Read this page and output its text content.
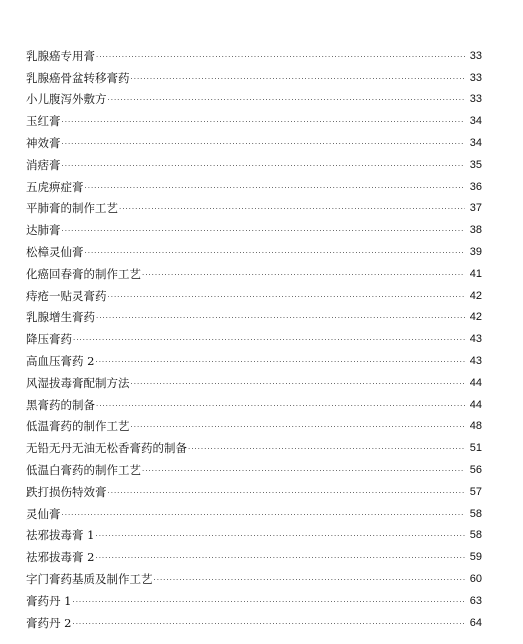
乳腺癌专用膏 .....	33
乳腺癌骨盆转移膏药 .....	33
小儿腹泻外敷方 .....	33
玉红膏 .....	34
神效膏 .....	34
消痞膏 .....	35
五虎痹症膏 .....	36
平肺膏的制作工艺 .....	37
达肺膏 .....	38
松樟灵仙膏 .....	39
化癌回春膏的制作工艺 .....	41
痔疮一贴灵膏药 .....	42
乳腺增生膏药 .....	42
降压膏药 .....	43
高血压膏药 2 .....	43
风湿拔毒膏配制方法 .....	44
黑膏药的制备 .....	44
低温膏药的制作工艺 .....	48
无铅无丹无油无松香膏药的制备 .....	51
低温白膏药的制作工艺 .....	56
跌打损伤特效膏 .....	57
灵仙膏 .....	58
祛邪拔毒膏 1 .....	58
祛邪拔毒膏 2 .....	59
字门膏药基质及制作工艺 .....	60
膏药丹 1 .....	63
膏药丹 2 .....	64
